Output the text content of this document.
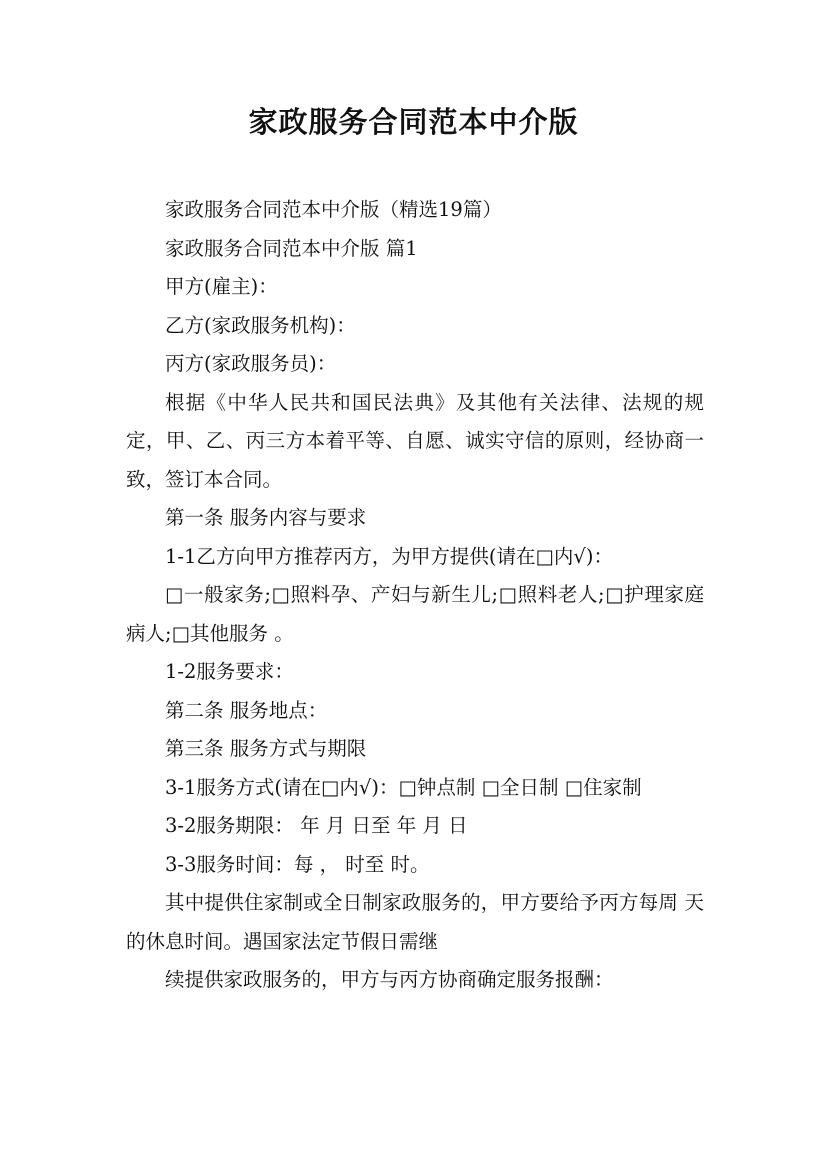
家政服务合同范本中介版

家政服务合同范本中介版（精选19篇）

家政服务合同范本中介版 篇1

甲方(雇主)：

乙方(家政服务机构)：

丙方(家政服务员)：

根据《中华人民共和国民法典》及其他有关法律、法规的规定，甲、乙、丙三方本着平等、自愿、诚实守信的原则，经协商一致，签订本合同。

第一条 服务内容与要求

1-1乙方向甲方推荐丙方，为甲方提供(请在□内√)：

□一般家务;□照料孕、产妇与新生儿;□照料老人;□护理家庭病人;□其他服务 。

1-2服务要求：

第二条 服务地点：

第三条 服务方式与期限

3-1服务方式(请在□内√)：□钟点制 □全日制 □住家制

3-2服务期限： 年 月 日至 年 月 日

3-3服务时间：每 ， 时至 时。

其中提供住家制或全日制家政服务的，甲方要给予丙方每周 天的休息时间。遇国家法定节假日需继

续提供家政服务的，甲方与丙方协商确定服务报酬：
